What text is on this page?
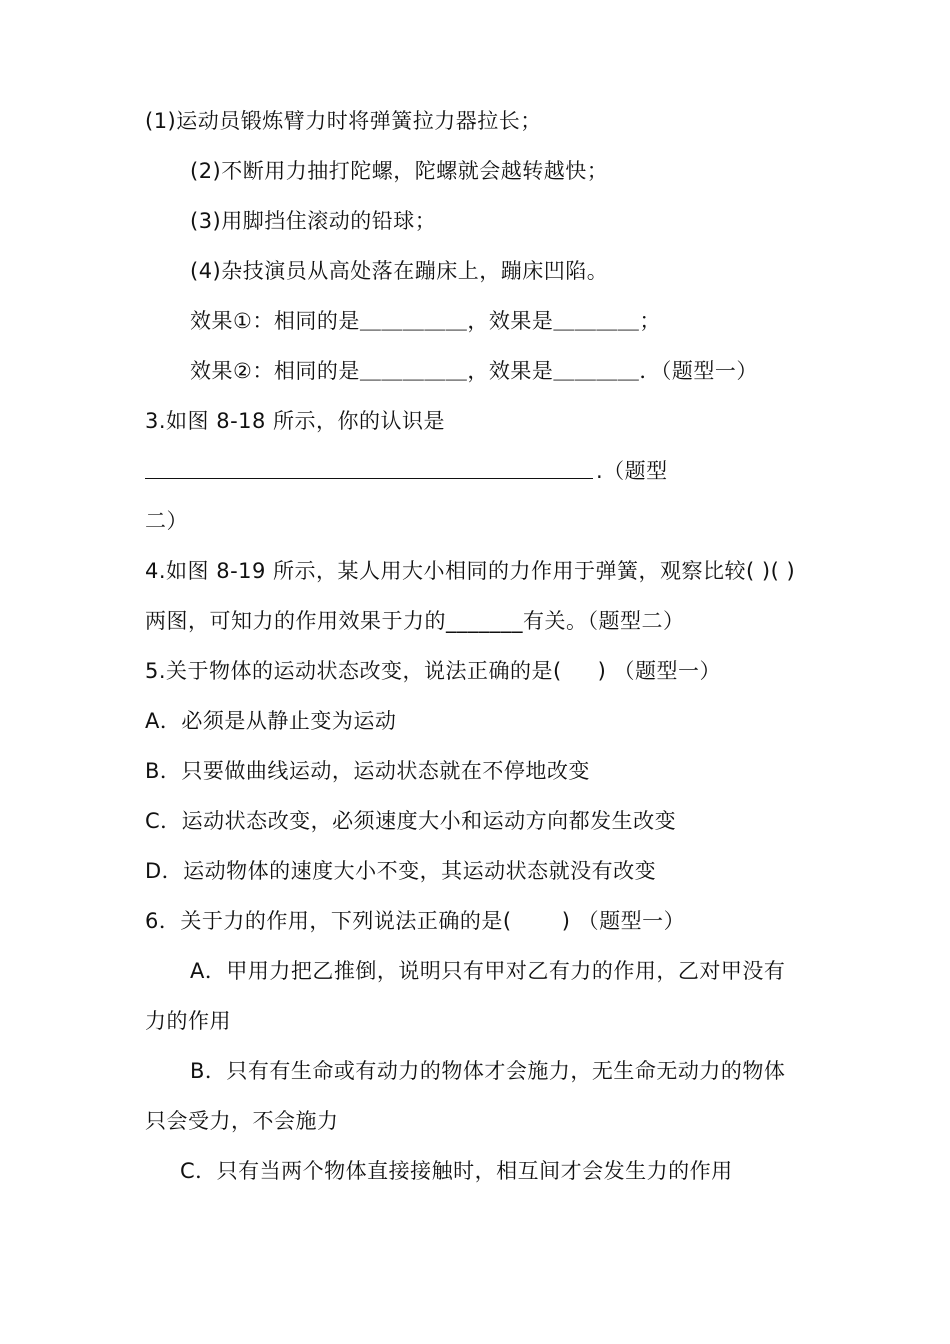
(1)运动员锻炼臂力时将弹簧拉力器拉长；
(2)不断用力抽打陀螺，陀螺就会越转越快；
(3)用脚挡住滚动的铅球；
(4)杂技演员从高处落在蹦床上，蹦床凹陷。
效果①：相同的是＿＿＿＿＿，效果是＿＿＿＿；
效果②：相同的是＿＿＿＿＿，效果是＿＿＿＿．（题型一）
3.如图 8-18 所示，你的认识是
.（题型
二）
4.如图 8-19 所示，某人用大小相同的力作用于弹簧，观察比较( )( )
两图，可知力的作用效果于力的_______有关。（题型二）
5.关于物体的运动状态改变，说法正确的是(     ) （题型一）
A．必须是从静止变为运动
B．只要做曲线运动，运动状态就在不停地改变
C．运动状态改变，必须速度大小和运动方向都发生改变
D．运动物体的速度大小不变，其运动状态就没有改变
6．关于力的作用，下列说法正确的是(       ) （题型一）
A．甲用力把乙推倒，说明只有甲对乙有力的作用，乙对甲没有
力的作用
B．只有有生命或有动力的物体才会施力，无生命无动力的物体
只会受力，不会施力
C．只有当两个物体直接接触时，相互间才会发生力的作用
